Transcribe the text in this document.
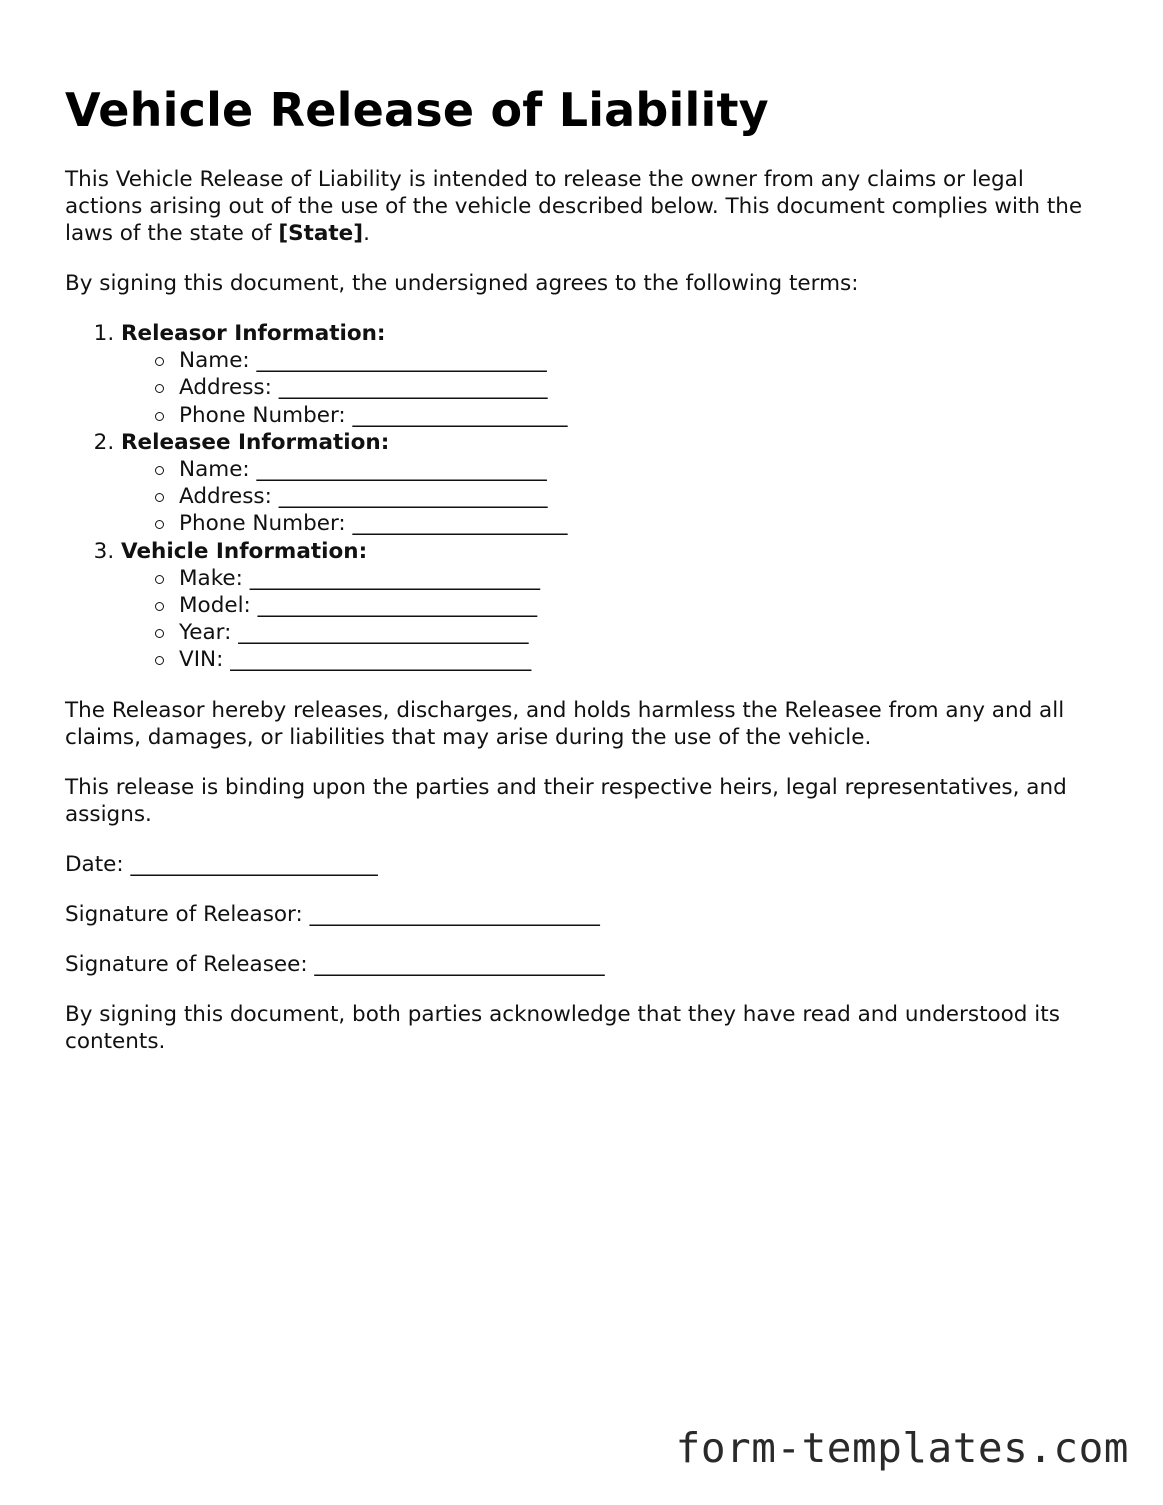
Vehicle Release of Liability

This Vehicle Release of Liability is intended to release the owner from any claims or legal actions arising out of the use of the vehicle described below. This document complies with the laws of the state of [State].

By signing this document, the undersigned agrees to the following terms:

1. Releasor Information:
Name: ___________________________
Address: _________________________
Phone Number: ____________________
2. Releasee Information:
Name: ___________________________
Address: _________________________
Phone Number: ____________________
3. Vehicle Information:
Make: ___________________________
Model: __________________________
Year: ___________________________
VIN: ____________________________

The Releasor hereby releases, discharges, and holds harmless the Releasee from any and all claims, damages, or liabilities that may arise during the use of the vehicle.

This release is binding upon the parties and their respective heirs, legal representatives, and assigns.

Date: _______________________

Signature of Releasor: ___________________________

Signature of Releasee: ___________________________

By signing this document, both parties acknowledge that they have read and understood its contents.

form-templates.com
